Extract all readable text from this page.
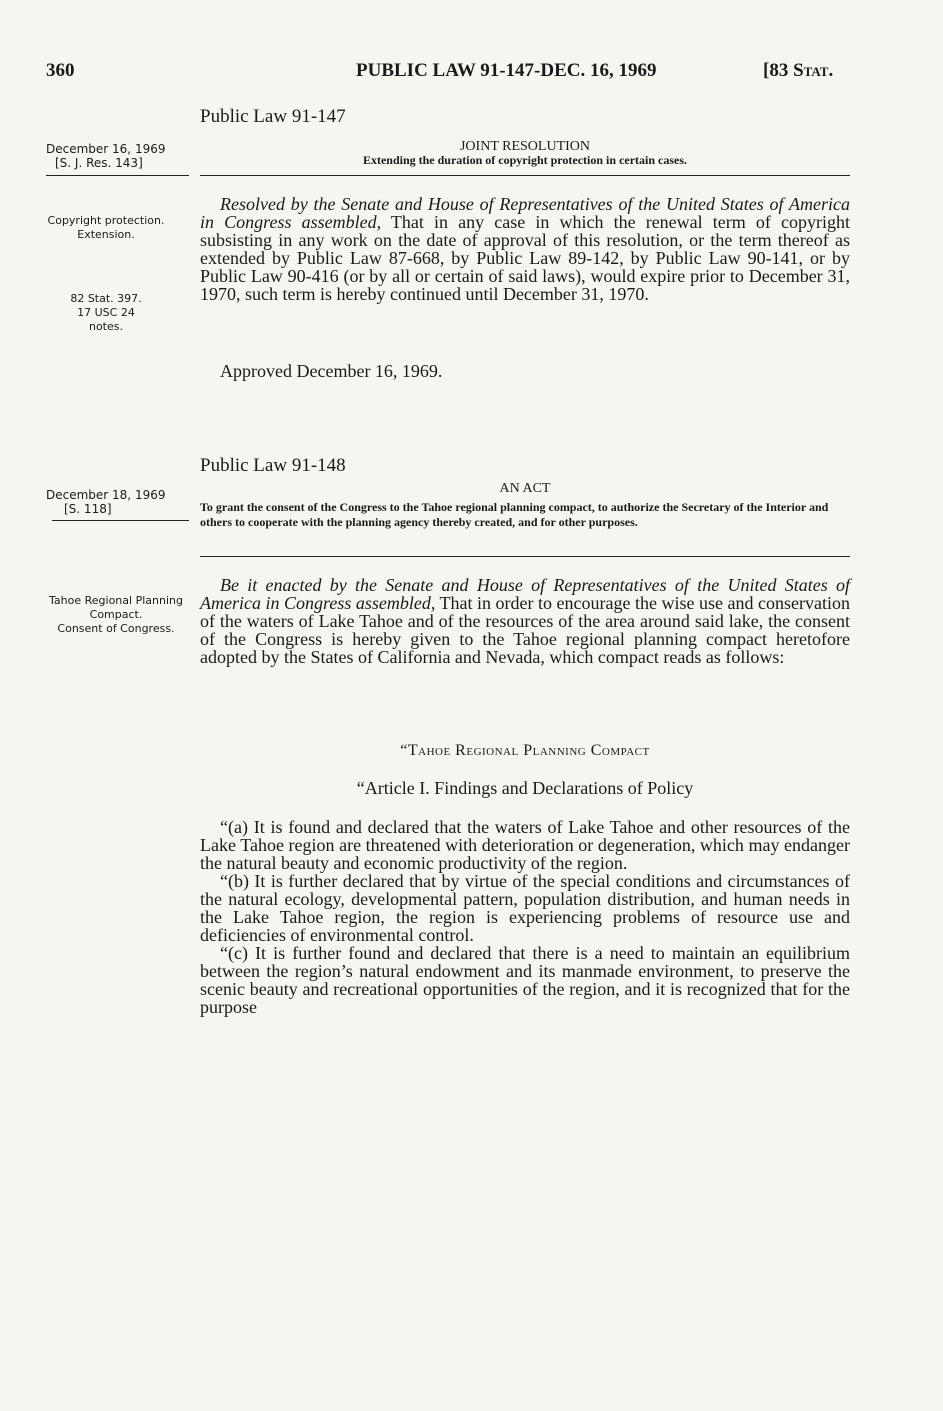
360	PUBLIC LAW 91-147-DEC. 16, 1969	[83 Stat.
Public Law 91-147
December 16, 1969
[S. J. Res. 143]
JOINT RESOLUTION
Extending the duration of copyright protection in certain cases.
Copyright protection.
Extension.
82 Stat. 397.
17 USC 24
notes.

Resolved by the Senate and House of Representatives of the United States of America in Congress assembled, That in any case in which the renewal term of copyright subsisting in any work on the date of approval of this resolution, or the term thereof as extended by Public Law 87-668, by Public Law 89-142, by Public Law 90-141, or by Public Law 90-416 (or by all or certain of said laws), would expire prior to December 31, 1970, such term is hereby continued until December 31, 1970.

Approved December 16, 1969.

Public Law 91-148
December 18, 1969
[S. 118]
AN ACT
To grant the consent of the Congress to the Tahoe regional planning compact, to authorize the Secretary of the Interior and others to cooperate with the planning agency thereby created, and for other purposes.
Tahoe Regional Planning Compact.
Consent of Congress.

Be it enacted by the Senate and House of Representatives of the United States of America in Congress assembled, That in order to encourage the wise use and conservation of the waters of Lake Tahoe and of the resources of the area around said lake, the consent of the Congress is hereby given to the Tahoe regional planning compact heretofore adopted by the States of California and Nevada, which compact reads as follows:

“Tahoe Regional Planning Compact
“Article I. Findings and Declarations of Policy

“(a) It is found and declared that the waters of Lake Tahoe and other resources of the Lake Tahoe region are threatened with deterioration or degeneration, which may endanger the natural beauty and economic productivity of the region.

“(b) It is further declared that by virtue of the special conditions and circumstances of the natural ecology, developmental pattern, population distribution, and human needs in the Lake Tahoe region, the region is experiencing problems of resource use and deficiencies of environmental control.

“(c) It is further found and declared that there is a need to maintain an equilibrium between the region’s natural endowment and its manmade environment, to preserve the scenic beauty and recreational opportunities of the region, and it is recognized that for the purpose
